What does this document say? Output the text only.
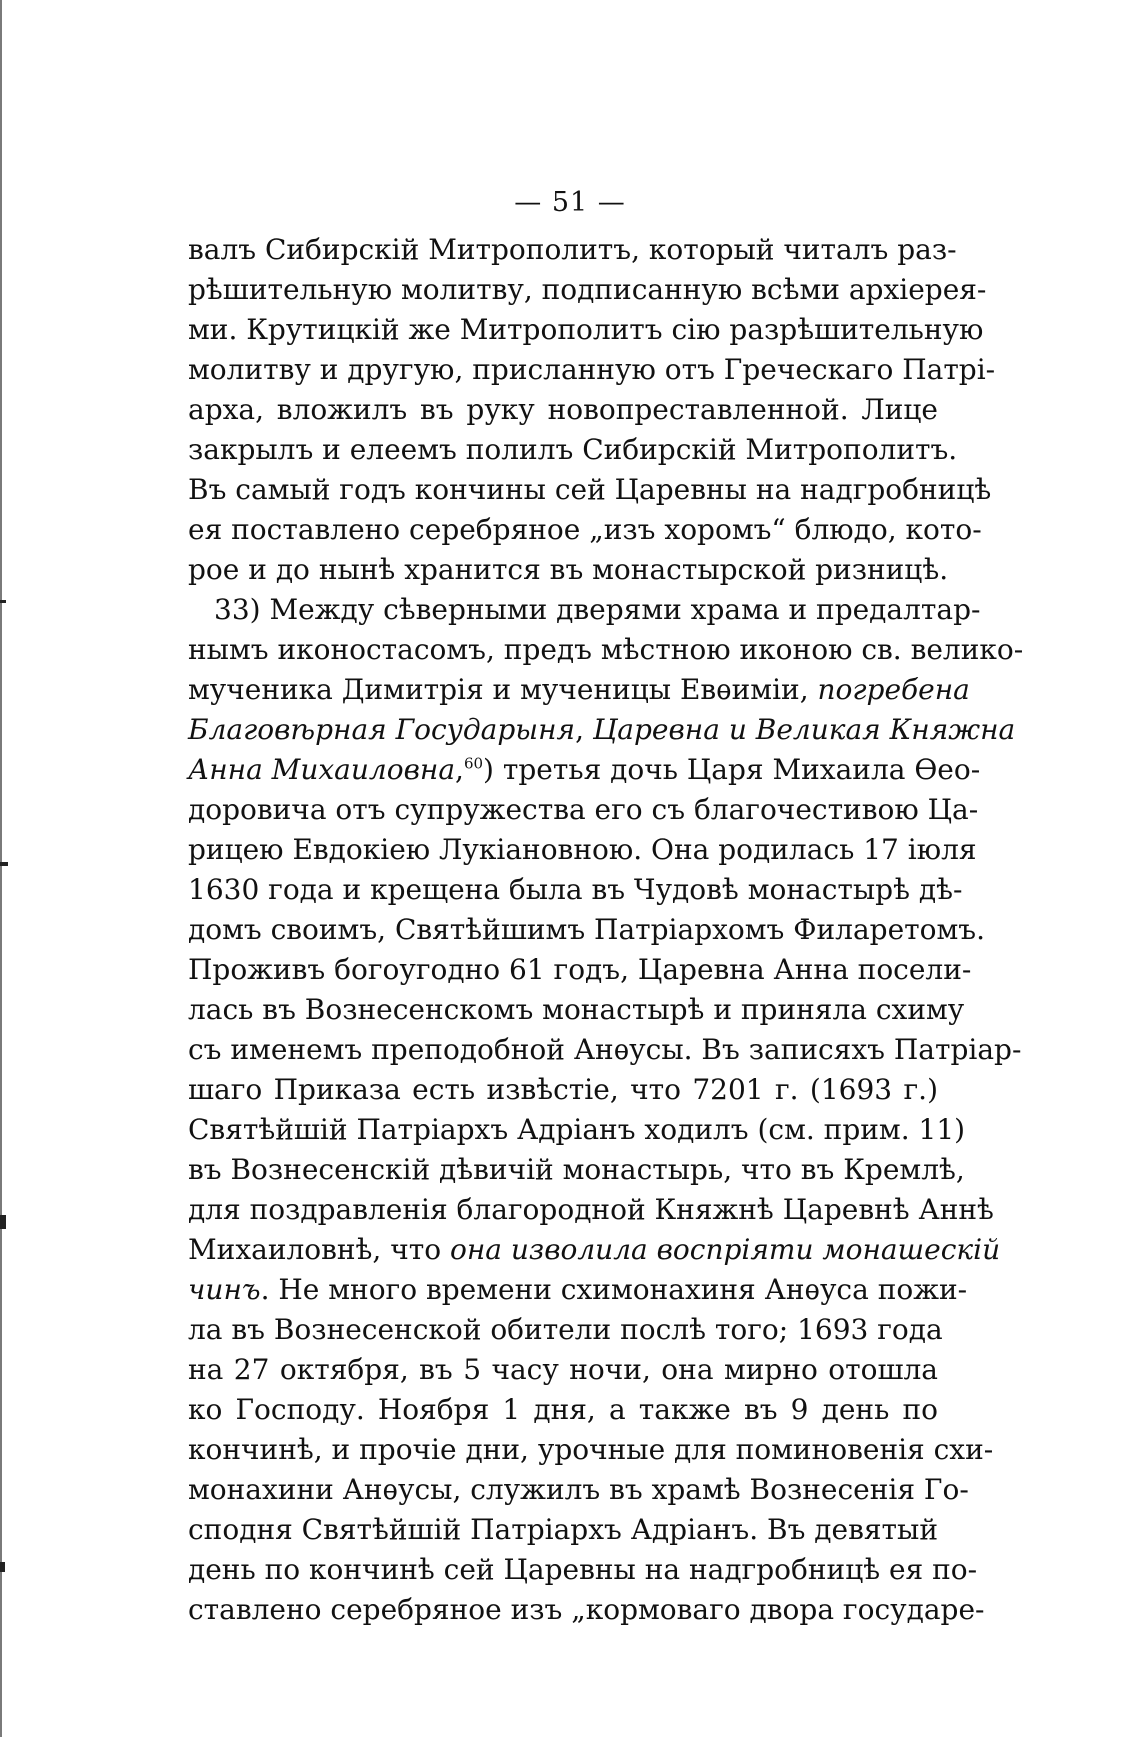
— 51 —
валъ Сибирскій Митрополитъ, который читалъ раз-
рѣшительную молитву, подписанную всѣми архіерея-
ми. Крутицкій же Митрополитъ сію разрѣшительную
молитву и другую, присланную отъ Греческаго Патрі-
арха, вложилъ въ руку новопреставленной. Лице
закрылъ и елеемъ полилъ Сибирскій Митрополитъ.
Въ самый годъ кончины сей Царевны на надгробницѣ
ея поставлено серебряное „изъ хоромъ“ блюдо, кото-
рое и до нынѣ хранится въ монастырской ризницѣ.
33) Между сѣверными дверями храма и предалтар-
нымъ иконостасомъ, предъ мѣстною иконою св. велико-
мученика Димитрія и мученицы Евѳиміи, погребена
Благовѣрная Государыня, Царевна и Великая Княжна
Анна Михаиловна,$^{60}$) третья дочь Царя Михаила Ѳео-
доровича отъ супружества его съ благочестивою Ца-
рицею Евдокіею Лукіановною. Она родилась 17 іюля
1630 года и крещена была въ Чудовѣ монастырѣ дѣ-
домъ своимъ, Святѣйшимъ Патріархомъ Филаретомъ.
Проживъ богоугодно 61 годъ, Царевна Анна посели-
лась въ Вознесенскомъ монастырѣ и приняла схиму
съ именемъ преподобной Анѳусы. Въ записяхъ Патріар-
шаго Приказа есть извѣстіе, что 7201 г. (1693 г.)
Святѣйшій Патріархъ Адріанъ ходилъ (см. прим. 11)
въ Вознесенскій дѣвичій монастырь, что въ Кремлѣ,
для поздравленія благородной Княжнѣ Царевнѣ Аннѣ
Михаиловнѣ, что она изволила воспріяти монашескій
чинъ. Не много времени схимонахиня Анѳуса пожи-
ла въ Вознесенской обители послѣ того; 1693 года
на 27 октября, въ 5 часу ночи, она мирно отошла
ко Господу. Ноября 1 дня, а также въ 9 день по
кончинѣ, и прочіе дни, урочные для поминовенія схи-
монахини Анѳусы, служилъ въ храмѣ Вознесенія Го-
сподня Святѣйшій Патріархъ Адріанъ. Въ девятый
день по кончинѣ сей Царевны на надгробницѣ ея по-
ставлено серебряное изъ „кормоваго двора государе-
